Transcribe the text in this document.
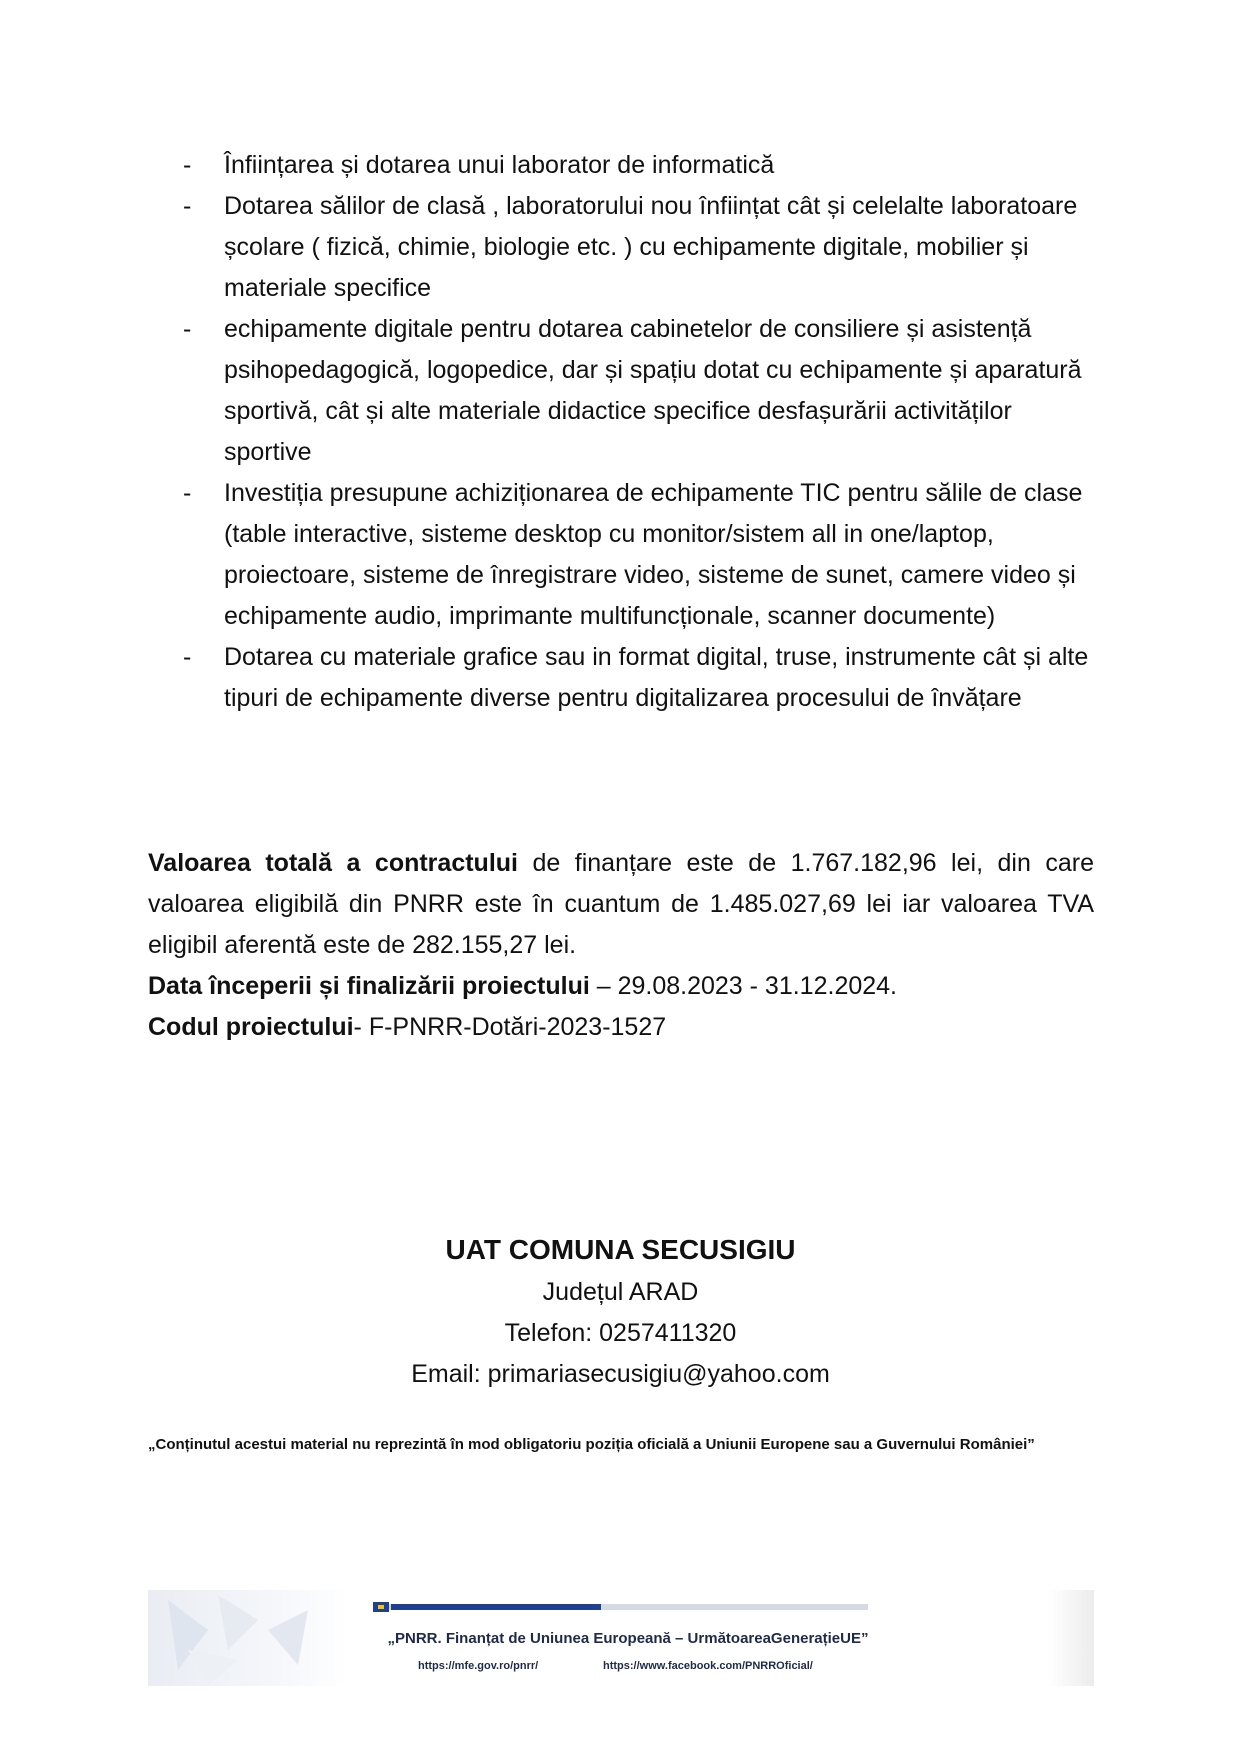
- Înființarea și dotarea unui laborator de informatică
- Dotarea sălilor de clasă , laboratorului nou înființat cât și celelalte laboratoare școlare ( fizică, chimie, biologie etc. ) cu echipamente digitale, mobilier și materiale specifice
- echipamente digitale pentru dotarea cabinetelor de consiliere și asistență psihopedagogică, logopedice, dar și spațiu dotat cu echipamente și aparatură sportivă, cât și alte materiale didactice specifice desfașurării activităților sportive
- Investiția presupune achiziționarea de echipamente TIC pentru sălile de clase (table interactive, sisteme desktop cu monitor/sistem all in one/laptop, proiectoare, sisteme de înregistrare video, sisteme de sunet, camere video și echipamente audio, imprimante multifuncționale, scanner documente)
- Dotarea cu materiale grafice sau in format digital, truse, instrumente cât și alte tipuri de echipamente diverse pentru digitalizarea procesului de învățare

Valoarea totală a contractului de finanțare este de 1.767.182,96 lei, din care valoarea eligibilă din PNRR este în cuantum de 1.485.027,69 lei iar valoarea TVA eligibil aferentă este de 282.155,27 lei.

Data începerii și finalizării proiectului – 29.08.2023 - 31.12.2024.

Codul proiectului- F-PNRR-Dotări-2023-1527

UAT COMUNA SECUSIGIU
Județul ARAD
Telefon: 0257411320
Email: primariasecusigiu@yahoo.com
„Conținutul acestui material nu reprezintă în mod obligatoriu poziția oficială a Uniunii Europene sau a Guvernului României”
„PNRR. Finanțat de Uniunea Europeană – UrmătoareaGenerațieUE”
https://mfe.gov.ro/pnrr/	https://www.facebook.com/PNRROficial/
